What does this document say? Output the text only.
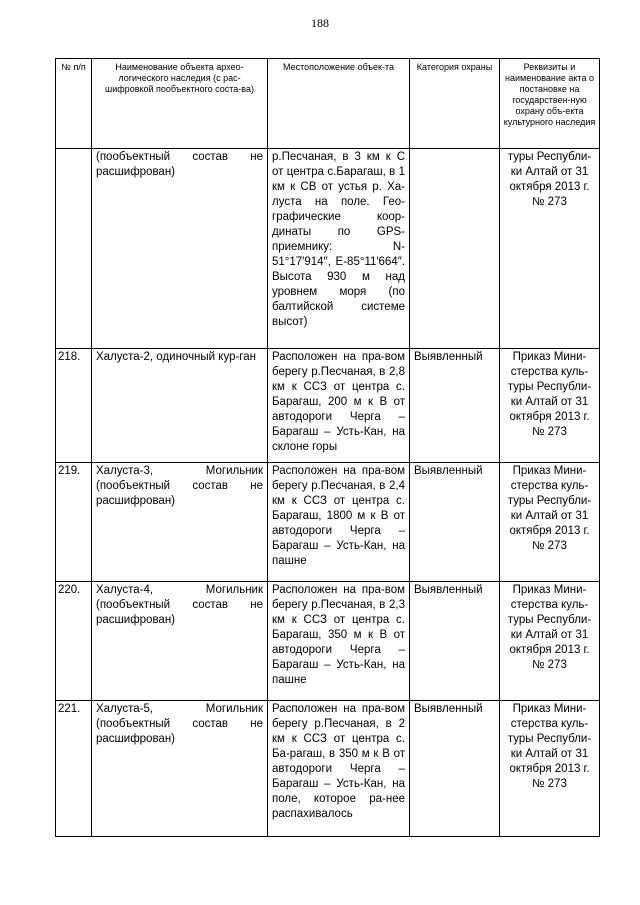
188
№ п/п	Наименование объекта архео-логического наследия (с рас-шифровкой пообъектного соста-ва)	Местоположение объек-та	Категория охраны	Реквизиты и наименование акта о постановке на государствен-ную охрану объ-екта культурного наследия
	(пообъектный состав не расшифрован)	р.Песчаная, в 3 км к С от центра с.Барагаш, в 1 км к СВ от устья р. Ха-луста на поле. Гео-графические коор-динаты по GPS-приемнику: N-51°17′914″, E-85°11′664″. Высота 930 м над уровнем моря (по балтийской системе высот)		туры Республи-ки Алтай от 31 октября 2013 г. № 273
218.	Халуста-2, одиночный кур-ган	Расположен на пра-вом берегу р.Песчаная, в 2,8 км к ССЗ от центра с. Барагаш, 200 м к В от автодороги Черга – Барагаш – Усть-Кан, на склоне горы	Выявленный	Приказ Мини-стерства куль-туры Республи-ки Алтай от 31 октября 2013 г. № 273
219.	Халуста-3, Могильник (пообъектный состав не расшифрован)	Расположен на пра-вом берегу р.Песчаная, в 2,4 км к ССЗ от центра с. Барагаш, 1800 м к В от автодороги Черга – Барагаш – Усть-Кан, на пашне	Выявленный	Приказ Мини-стерства куль-туры Республи-ки Алтай от 31 октября 2013 г. № 273
220.	Халуста-4, Могильник (пообъектный состав не расшифрован)	Расположен на пра-вом берегу р.Песчаная, в 2,3 км к ССЗ от центра с. Барагаш, 350 м к В от автодороги Черга – Барагаш – Усть-Кан, на пашне	Выявленный	Приказ Мини-стерства куль-туры Республи-ки Алтай от 31 октября 2013 г. № 273
221.	Халуста-5, Могильник (пообъектный состав не расшифрован)	Расположен на пра-вом берегу р.Песчаная, в 2 км к ССЗ от центра с. Ба-рагаш, в 350 м к В от автодороги Черга – Барагаш – Усть-Кан, на поле, которое ра-нее распахивалось	Выявленный	Приказ Мини-стерства куль-туры Республи-ки Алтай от 31 октября 2013 г. № 273
